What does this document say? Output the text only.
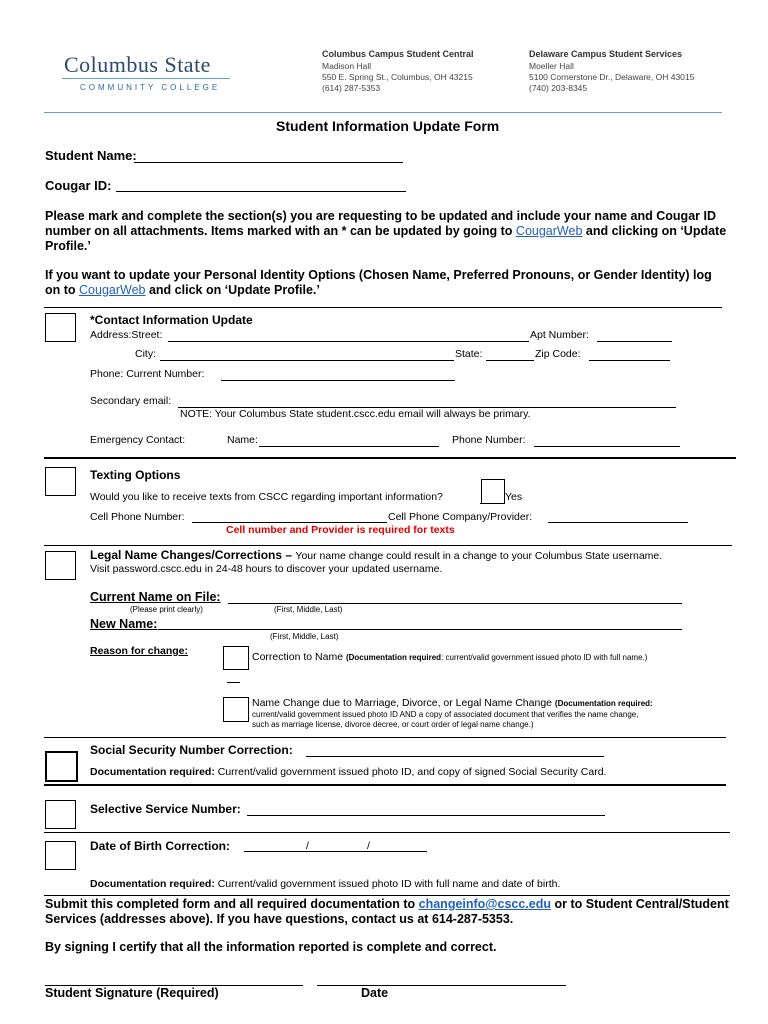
Columbus State
COMMUNITY COLLEGE
Columbus Campus Student Central
Madison Hall
550 E. Spring St., Columbus, OH 43215
(614) 287-5353
Delaware Campus Student Services
Moeller Hall
5100 Cornerstone Dr., Delaware, OH 43015
(740) 203-8345
Student Information Update Form
Student Name:
Cougar ID:
Please mark and complete the section(s) you are requesting to be updated and include your name and Cougar ID
number on all attachments. Items marked with an * can be updated by going to CougarWeb and clicking on ‘Update
Profile.’
If you want to update your Personal Identity Options (Chosen Name, Preferred Pronouns, or Gender Identity) log
on to CougarWeb and click on ‘Update Profile.’
*Contact Information Update
Address:Street:	Apt Number:
City:	State:	Zip Code:
Phone: Current Number:
Secondary email:
NOTE: Your Columbus State student.cscc.edu email will always be primary.
Emergency Contact:	Name:	Phone Number:
Texting Options
Would you like to receive texts from CSCC regarding important information?	Yes
Cell Phone Number:	Cell Phone Company/Provider:
Cell number and Provider is required for texts
Legal Name Changes/Corrections – Your name change could result in a change to your Columbus State username.
Visit password.cscc.edu in 24-48 hours to discover your updated username.
Current Name on File:
(Please print clearly)	(First, Middle, Last)
New Name:
(First, Middle, Last)
Reason for change:	Correction to Name (Documentation required: current/valid government issued photo ID with full name.)
Name Change due to Marriage, Divorce, or Legal Name Change (Documentation required:
current/valid government issued photo ID AND a copy of associated document that verifies the name change,
such as marriage license, divorce decree, or court order of legal name change.)
Social Security Number Correction:
Documentation required: Current/valid government issued photo ID, and copy of signed Social Security Card.
Selective Service Number:
Date of Birth Correction:	/	/
Documentation required: Current/valid government issued photo ID with full name and date of birth.
Submit this completed form and all required documentation to changeinfo@cscc.edu or to Student Central/Student
Services (addresses above). If you have questions, contact us at 614-287-5353.
By signing I certify that all the information reported is complete and correct.
Student Signature (Required)	Date
